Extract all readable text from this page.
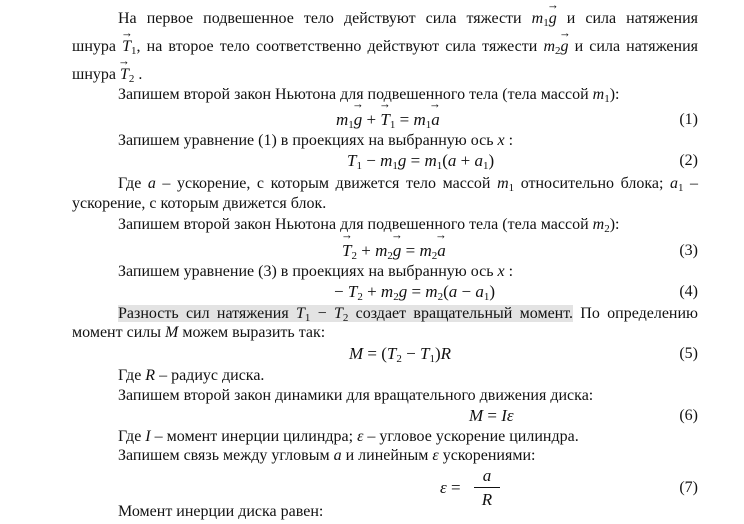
На первое подвешенное тело действуют сила тяжести $m_1\to g$ и сила натяжения
шнура → $T_1$, на второе тело соответственно действуют сила тяжести $m_2\to g$ и сила натяжения
шнура → $T_2$ .
Запишем второй закон Ньютона для подвешенного тела (тела массой $m_1$):
$m_1\to g$ + → $T_1 = m_1\to a$	(1)
Запишем уравнение (1) в проекциях на выбранную ось x :
$T_1 - m_1g = m_1(a + a_1)$	(2)
Где a – ускорение, с которым движется тело массой $m_1$ относительно блока; $a_1$ –
ускорение, с которым движется блок.
Запишем второй закон Ньютона для подвешенного тела (тела массой $m_2$):
→ $T_2 + m_2\to g = m_2\to a$	(3)
Запишем уравнение (3) в проекциях на выбранную ось x :
− $T_2 + m_2g = m_2(a - a_1)$	(4)
Разность сил натяжения $T_1 - T_2$ создает вращательный момент. По определению
момент силы M можем выразить так:
$M = (T_2 - T_1)R$	(5)
Где R – радиус диска.
Запишем второй закон динамики для вращательного движения диска:
M = Iε	(6)
Где I – момент инерции цилиндра; ε – угловое ускорение цилиндра.
Запишем связь между угловым a и линейным ε ускорениями:
ε =
a
R
(7)
Момент инерции диска равен:
